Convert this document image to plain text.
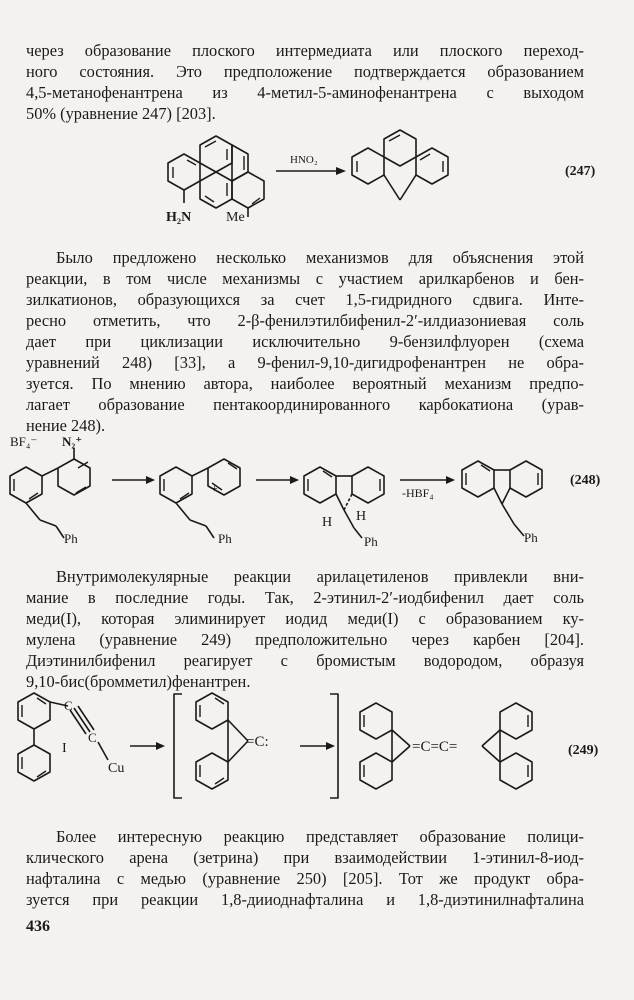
через образование плоского интермедиата или плоского переход-
ного состояния. Это предположение подтверждается образованием
4,5-метанофенантрена из 4-метил-5-аминофенантрена с выходом
50% (уравнение 247) [203].
H₂N Me
HNO₂
(247)
Было предложено несколько механизмов для объяснения этой
реакции, в том числе механизмы с участием арилкарбенов и бен-
зилкатионов, образующихся за счет 1,5-гидридного сдвига. Инте-
ресно отметить, что 2-β-фенилэтилбифенил-2′-илдиазониевая соль
дает при циклизации исключительно 9-бензилфлуорен (схема
уравнений 248) [33], а 9-фенил-9,10-дигидрофенантрен не обра-
зуется. По мнению автора, наиболее вероятный механизм предпо-
лагает образование пентакоординированного карбокатиона (урав-
нение 248).
BF₄⁻ N₂⁺
Ph
+
Ph
H H
Ph
-HBF₄
Ph
(248)
Внутримолекулярные реакции арилацетиленов привлекли вни-
мание в последние годы. Так, 2-этинил-2′-иодбифенил дает соль
меди(I), которая элиминирует иодид меди(I) с образованием ку-
мулена (уравнение 249) предположительно через карбен [204].
Диэтинилбифенил реагирует с бромистым водородом, образуя
9,10-бис(бромметил)фенантрен.
I
C
C
Cu
=C:	=C=C=	(249)
Более интересную реакцию представляет образование полици-
клического арена (зетрина) при взаимодействии 1-этинил-8-иод-
нафталина с медью (уравнение 250) [205]. Тот же продукт обра-
зуется при реакции 1,8-дииоднафталина и 1,8-диэтинилнафталина
436
